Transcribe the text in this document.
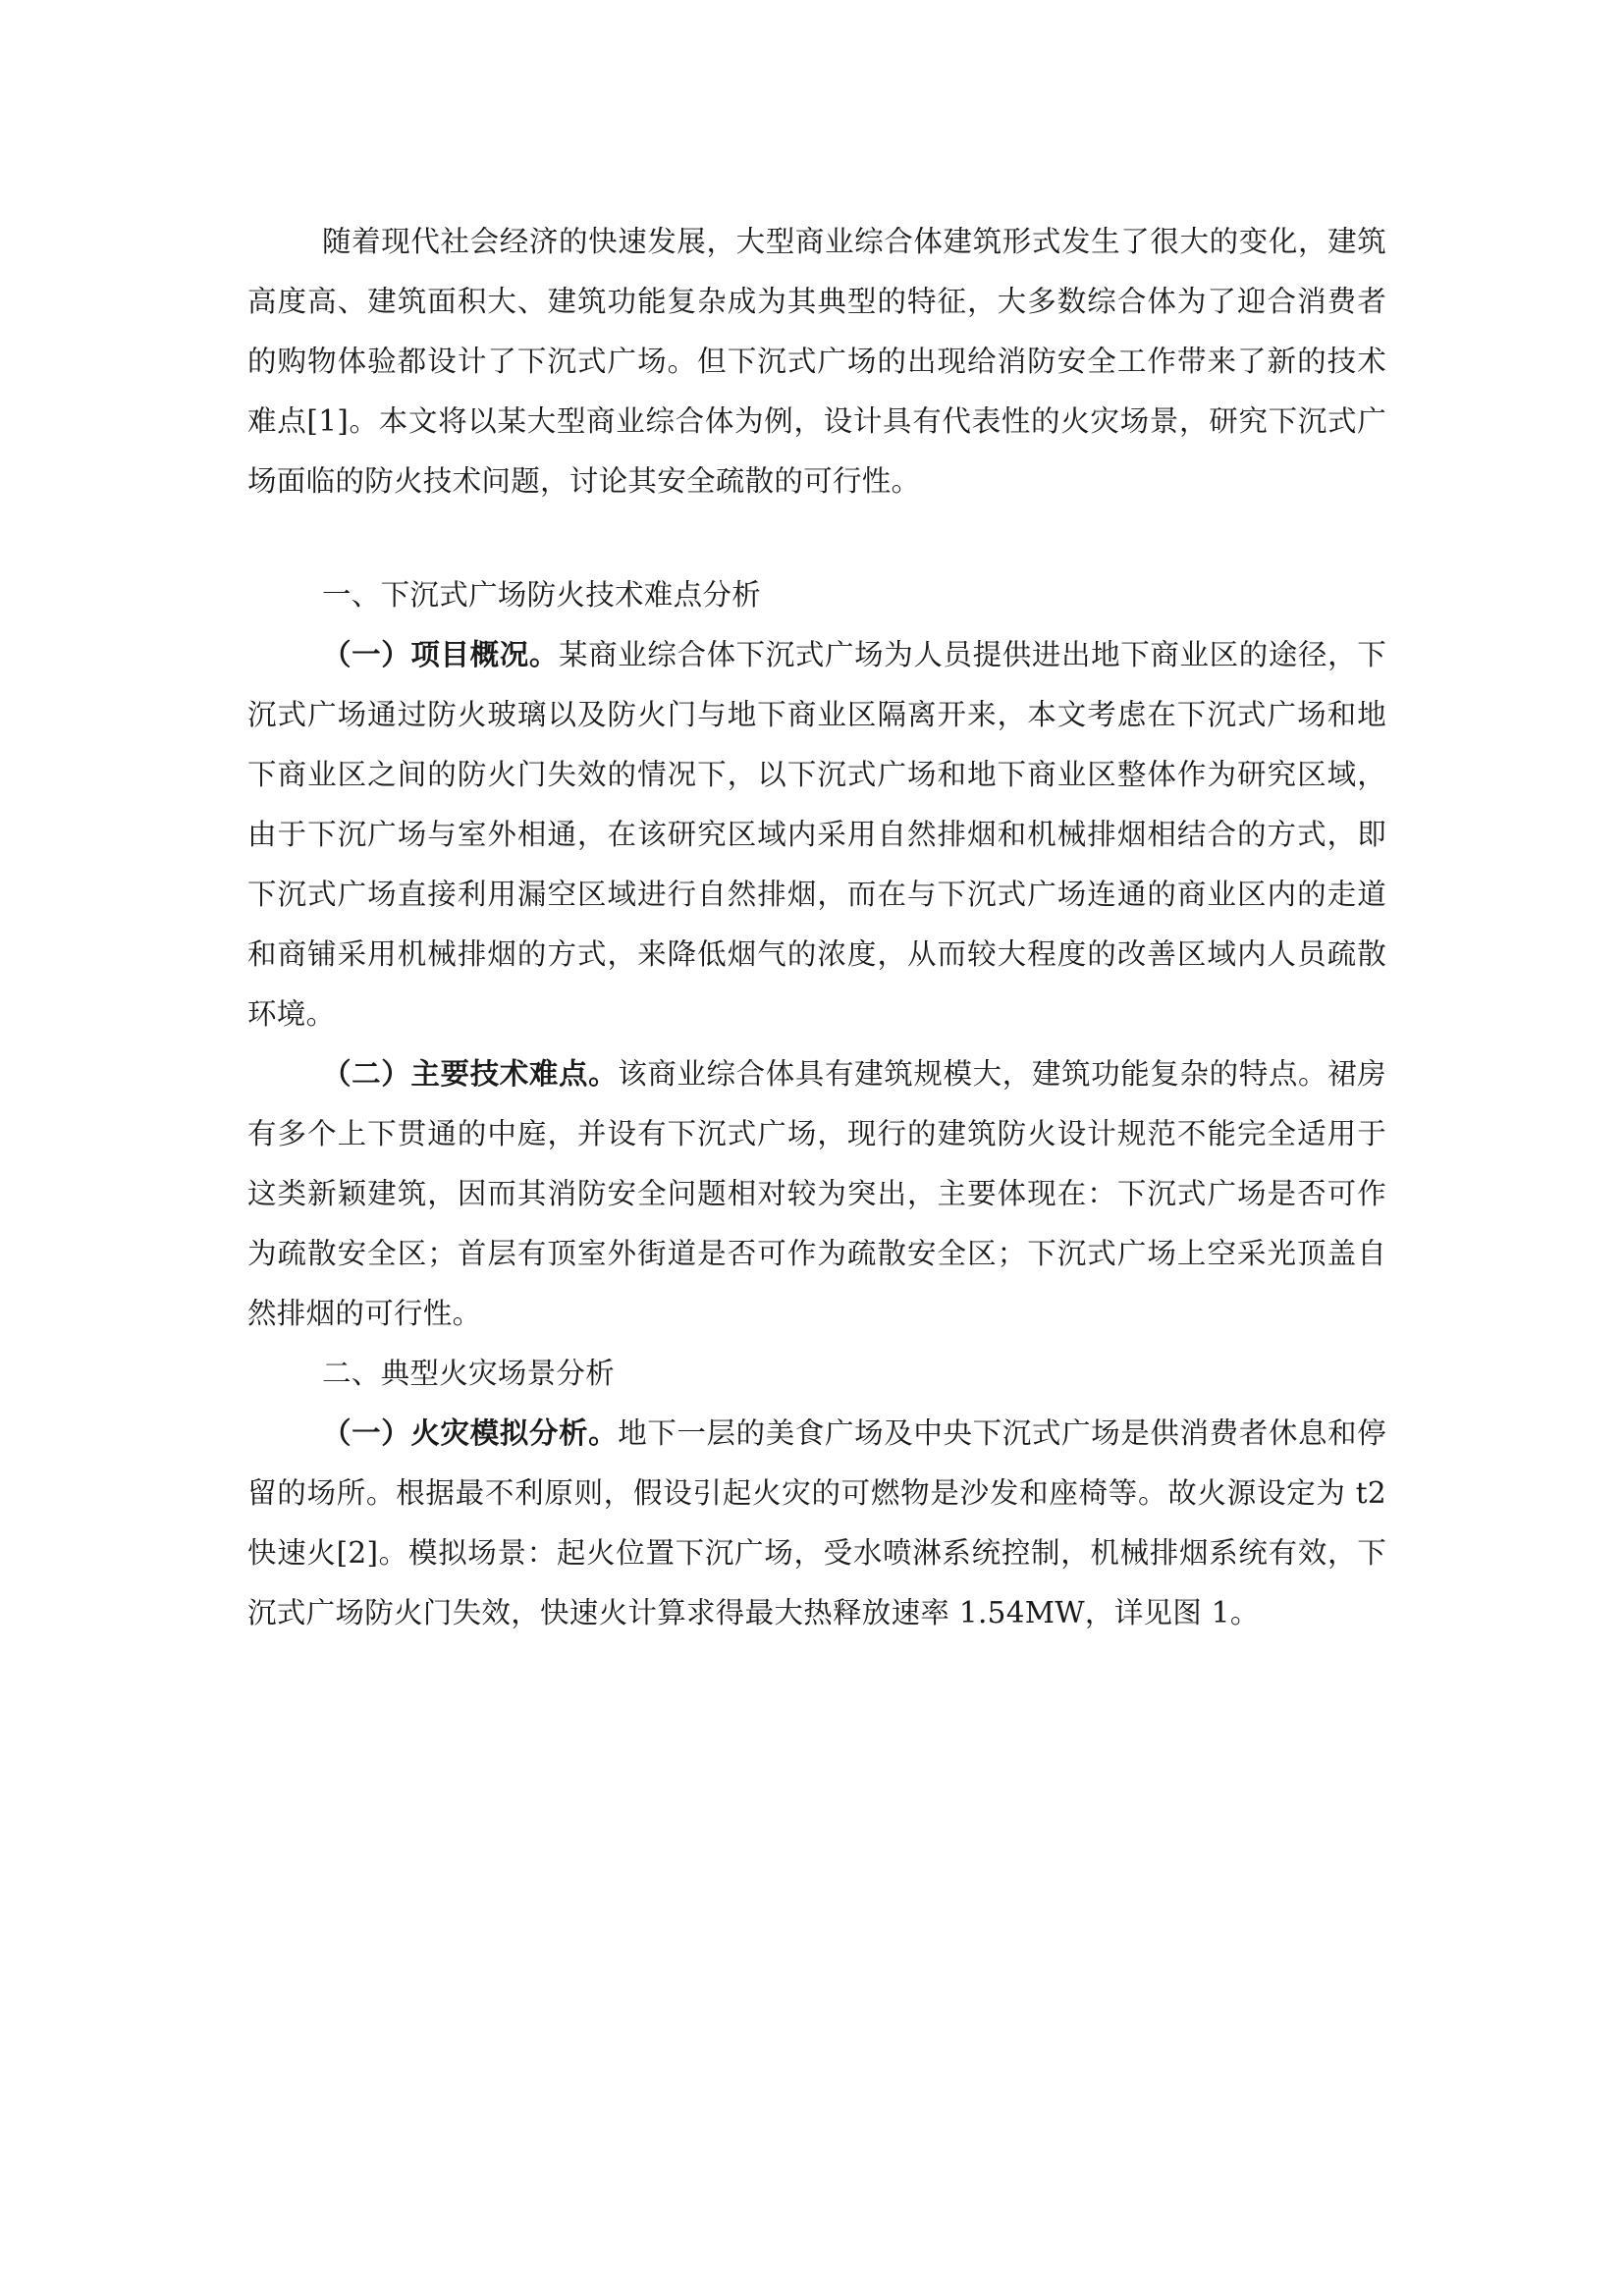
随着现代社会经济的快速发展，大型商业综合体建筑形式发生了很大的变化，建筑高度高、建筑面积大、建筑功能复杂成为其典型的特征，大多数综合体为了迎合消费者的购物体验都设计了下沉式广场。但下沉式广场的出现给消防安全工作带来了新的技术难点[1]。本文将以某大型商业综合体为例，设计具有代表性的火灾场景，研究下沉式广场面临的防火技术问题，讨论其安全疏散的可行性。

一、下沉式广场防火技术难点分析

（一）项目概况。某商业综合体下沉式广场为人员提供进出地下商业区的途径，下沉式广场通过防火玻璃以及防火门与地下商业区隔离开来，本文考虑在下沉式广场和地下商业区之间的防火门失效的情况下，以下沉式广场和地下商业区整体作为研究区域，由于下沉广场与室外相通，在该研究区域内采用自然排烟和机械排烟相结合的方式，即下沉式广场直接利用漏空区域进行自然排烟，而在与下沉式广场连通的商业区内的走道和商铺采用机械排烟的方式，来降低烟气的浓度，从而较大程度的改善区域内人员疏散环境。

（二）主要技术难点。该商业综合体具有建筑规模大，建筑功能复杂的特点。裙房有多个上下贯通的中庭，并设有下沉式广场，现行的建筑防火设计规范不能完全适用于这类新颖建筑，因而其消防安全问题相对较为突出，主要体现在：下沉式广场是否可作为疏散安全区；首层有顶室外街道是否可作为疏散安全区；下沉式广场上空采光顶盖自然排烟的可行性。

二、典型火灾场景分析

（一）火灾模拟分析。地下一层的美食广场及中央下沉式广场是供消费者休息和停留的场所。根据最不利原则，假设引起火灾的可燃物是沙发和座椅等。故火源设定为 t2 快速火[2]。模拟场景：起火位置下沉广场，受水喷淋系统控制，机械排烟系统有效，下沉式广场防火门失效，快速火计算求得最大热释放速率 1.54MW，详见图 1。
